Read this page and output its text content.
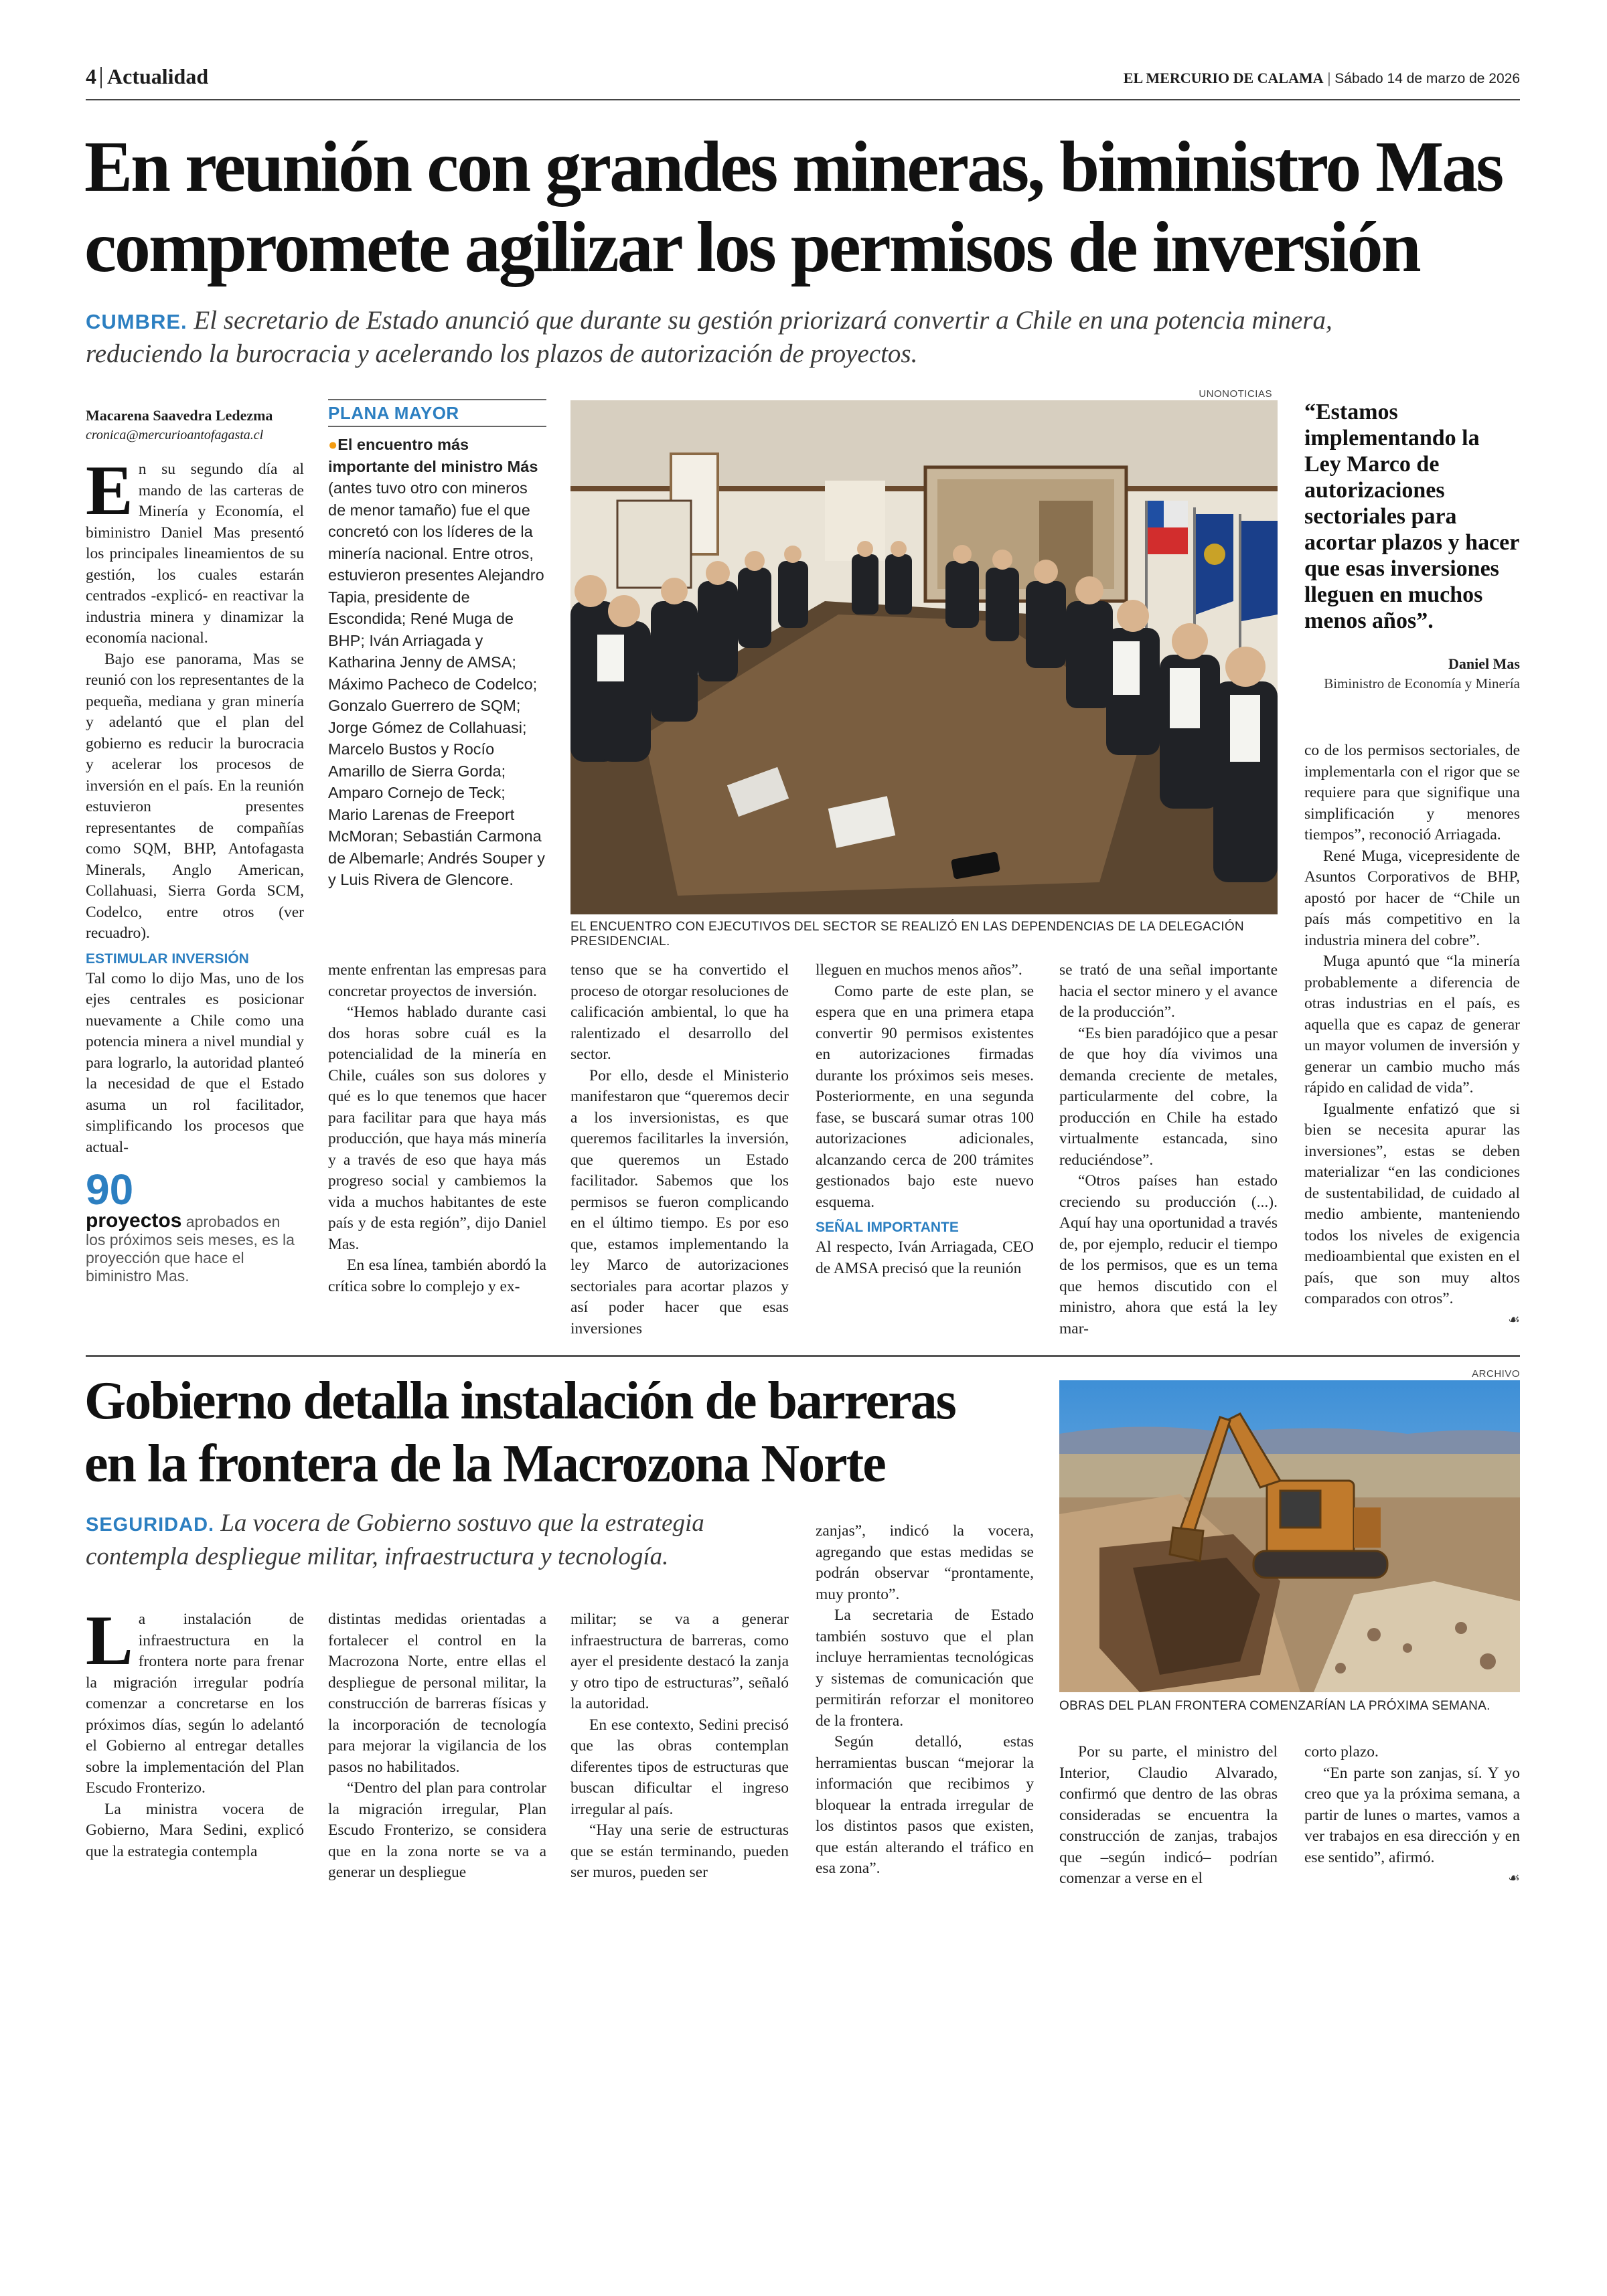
4 Actualidad	EL MERCURIO DE CALAMA | Sábado 14 de marzo de 2026
En reunión con grandes mineras, biministro Mas
compromete agilizar los permisos de inversión
CUMBRE. El secretario de Estado anunció que durante su gestión priorizará convertir a Chile en una potencia minera,
reduciendo la burocracia y acelerando los plazos de autorización de proyectos.
Macarena Saavedra Ledezma
cronica@mercurioantofagasta.cl

En su segundo día al mando de las carteras de Minería y Economía, el biministro Daniel Mas presentó los principales lineamientos de su gestión, los cuales estarán centrados -explicó- en reactivar la industria minera y dinamizar la economía nacional.

Bajo ese panorama, Mas se reunió con los representantes de la pequeña, mediana y gran minería y adelantó que el plan del gobierno es reducir la burocracia y acelerar los procesos de inversión en el país. En la reunión estuvieron presentes representantes de compañías como SQM, BHP, Antofagasta Minerals, Anglo American, Collahuasi, Sierra Gorda SCM, Codelco, entre otros (ver recuadro).

ESTIMULAR INVERSIÓN

Tal como lo dijo Mas, uno de los ejes centrales es posicionar nuevamente a Chile como una potencia minera a nivel mundial y para lograrlo, la autoridad planteó la necesidad de que el Estado asuma un rol facilitador, simplificando los procesos que actual-

90
proyectos aprobados en los próximos seis meses, es la proyección que hace el biministro Mas.
PLANA MAYOR
●El encuentro más importante del ministro Más (antes tuvo otro con mineros de menor tamaño) fue el que concretó con los líderes de la minería nacional. Entre otros, estuvieron presentes Alejandro Tapia, presidente de Escondida; René Muga de BHP; Iván Arriagada y Katharina Jenny de AMSA; Máximo Pacheco de Codelco; Gonzalo Guerrero de SQM; Jorge Gómez de Collahuasi; Marcelo Bustos y Rocío Amarillo de Sierra Gorda; Amparo Cornejo de Teck; Mario Larenas de Freeport McMoran; Sebastián Carmona de Albemarle; Andrés Souper y y Luis Rivera de Glencore.
UNONOTICIAS
EL ENCUENTRO CON EJECUTIVOS DEL SECTOR SE REALIZÓ EN LAS DEPENDENCIAS DE LA DELEGACIÓN PRESIDENCIAL.
“Estamos implementando la Ley Marco de autorizaciones sectoriales para acortar plazos y hacer que esas inversiones lleguen en muchos menos años”.
Daniel Mas
Biministro de Economía y Minería

co de los permisos sectoriales, de implementarla con el rigor que se requiere para que signifique una simplificación y menores tiempos”, reconoció Arriagada.

René Muga, vicepresidente de Asuntos Corporativos de BHP, apostó por hacer de “Chile un país más competitivo en la industria minera del cobre”.

Muga apuntó que “la minería probablemente a diferencia de otras industrias en el país, es aquella que es capaz de generar un mayor volumen de inversión y generar un cambio mucho más rápido en calidad de vida”.

Igualmente enfatizó que si bien se necesita apurar las inversiones”, estas se deben materializar “en las condiciones de sustentabilidad, de cuidado al medio ambiente, manteniendo todos los niveles de exigencia medioambiental que existen en el país, que son muy altos comparados con otros”.

☙

mente enfrentan las empresas para concretar proyectos de inversión.

“Hemos hablado durante casi dos horas sobre cuál es la potencialidad de la minería en Chile, cuáles son sus dolores y qué es lo que tenemos que hacer para facilitar para que haya más producción, que haya más minería y a través de eso que haya más progreso social y cambiemos la vida a muchos habitantes de este país y de esta región”, dijo Daniel Mas.

En esa línea, también abordó la crítica sobre lo complejo y ex-

tenso que se ha convertido el proceso de otorgar resoluciones de calificación ambiental, lo que ha ralentizado el desarrollo del sector.

Por ello, desde el Ministerio manifestaron que “queremos decir a los inversionistas, es que queremos facilitarles la inversión, que queremos un Estado facilitador. Sabemos que los permisos se fueron complicando en el último tiempo. Es por eso que, estamos implementando la ley Marco de autorizaciones sectoriales para acortar plazos y así poder hacer que esas inversiones

lleguen en muchos menos años”.

Como parte de este plan, se espera que en una primera etapa convertir 90 permisos existentes en autorizaciones firmadas durante los próximos seis meses. Posteriormente, en una segunda fase, se buscará sumar otras 100 autorizaciones adicionales, alcanzando cerca de 200 trámites gestionados bajo este nuevo esquema.

SEÑAL IMPORTANTE

Al respecto, Iván Arriagada, CEO de AMSA precisó que la reunión

se trató de una señal importante hacia el sector minero y el avance de la producción”.

“Es bien paradójico que a pesar de que hoy día vivimos una demanda creciente de metales, particularmente del cobre, la producción en Chile ha estado virtualmente estancada, sino reduciéndose”.

“Otros países han estado creciendo su producción (...). Aquí hay una oportunidad a través de, por ejemplo, reducir el tiempo de los permisos, que es un tema que hemos discutido con el ministro, ahora que está la ley mar-

Gobierno detalla instalación de barreras
en la frontera de la Macrozona Norte
SEGURIDAD. La vocera de Gobierno sostuvo que la estrategia
contempla despliegue militar, infraestructura y tecnología.

La instalación de infraestructura en la frontera norte para frenar la migración irregular podría comenzar a concretarse en los próximos días, según lo adelantó el Gobierno al entregar detalles sobre la implementación del Plan Escudo Fronterizo.

La ministra vocera de Gobierno, Mara Sedini, explicó que la estrategia contempla

distintas medidas orientadas a fortalecer el control en la Macrozona Norte, entre ellas el despliegue de personal militar, la construcción de barreras físicas y la incorporación de tecnología para mejorar la vigilancia de los pasos no habilitados.

“Dentro del plan para controlar la migración irregular, Plan Escudo Fronterizo, se considera que en la zona norte se va a generar un despliegue

militar; se va a generar infraestructura de barreras, como ayer el presidente destacó la zanja y otro tipo de estructuras”, señaló la autoridad.

En ese contexto, Sedini precisó que las obras contemplan diferentes tipos de estructuras que buscan dificultar el ingreso irregular al país.

“Hay una serie de estructuras que se están terminando, pueden ser muros, pueden ser

zanjas”, indicó la vocera, agregando que estas medidas se podrán observar “prontamente, muy pronto”.

La secretaria de Estado también sostuvo que el plan incluye herramientas tecnológicas y sistemas de comunicación que permitirán reforzar el monitoreo de la frontera.

Según detalló, estas herramientas buscan “mejorar la información que recibimos y bloquear la entrada irregular de los distintos pasos que existen, que están alterando el tráfico en esa zona”.

ARCHIVO
OBRAS DEL PLAN FRONTERA COMENZARÍAN LA PRÓXIMA SEMANA.

Por su parte, el ministro del Interior, Claudio Alvarado, confirmó que dentro de las obras consideradas se encuentra la construcción de zanjas, trabajos que –según indicó– podrían comenzar a verse en el

corto plazo.

“En parte son zanjas, sí. Y yo creo que ya la próxima semana, a partir de lunes o martes, vamos a ver trabajos en esa dirección y en ese sentido”, afirmó.

☙
